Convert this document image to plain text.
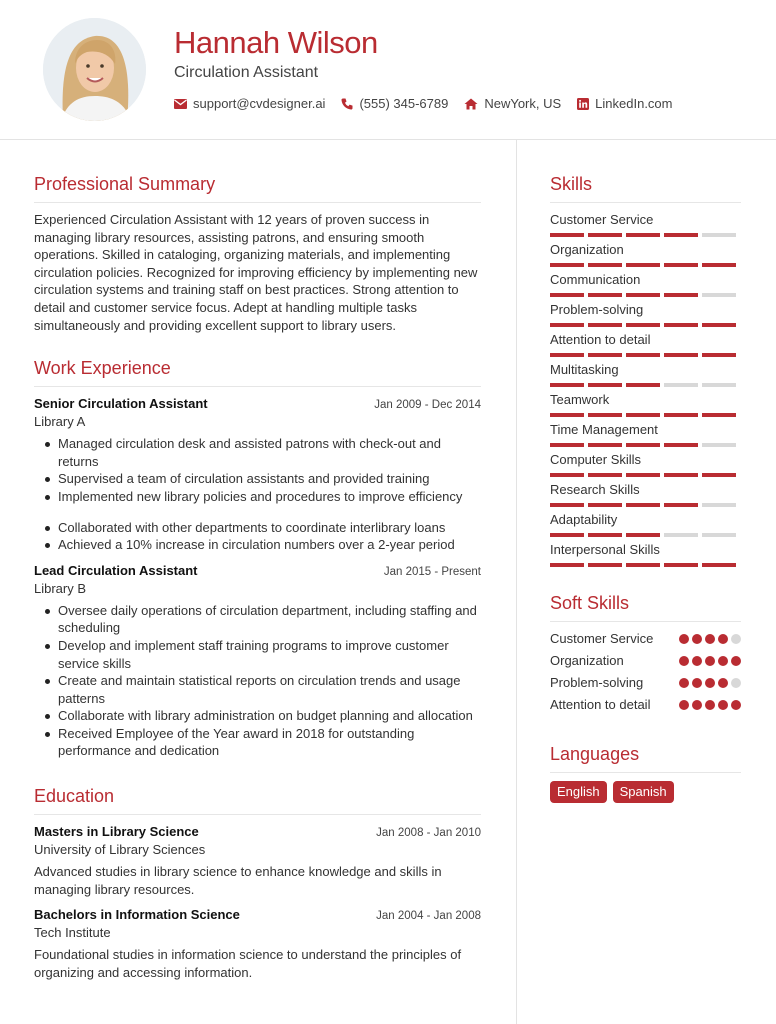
Hannah Wilson
Circulation Assistant
support@cvdesigner.ai	(555) 345-6789	NewYork, US	LinkedIn.com
Professional Summary

Experienced Circulation Assistant with 12 years of proven success in managing library resources, assisting patrons, and ensuring smooth operations. Skilled in cataloging, organizing materials, and implementing circulation policies. Recognized for improving efficiency by implementing new circulation systems and training staff on best practices. Strong attention to detail and customer service focus. Adept at handling multiple tasks simultaneously and providing excellent support to library users.

Work Experience
Senior Circulation Assistant	Jan 2009 - Dec 2014
Library A
Managed circulation desk and assisted patrons with check-out and returns
Supervised a team of circulation assistants and provided training
Implemented new library policies and procedures to improve efficiency
Collaborated with other departments to coordinate interlibrary loans
Achieved a 10% increase in circulation numbers over a 2-year period
Lead Circulation Assistant	Jan 2015 - Present
Library B
Oversee daily operations of circulation department, including staffing and scheduling
Develop and implement staff training programs to improve customer service skills
Create and maintain statistical reports on circulation trends and usage patterns
Collaborate with library administration on budget planning and allocation
Received Employee of the Year award in 2018 for outstanding performance and dedication
Education
Masters in Library Science	Jan 2008 - Jan 2010
University of Library Sciences

Advanced studies in library science to enhance knowledge and skills in managing library resources.

Bachelors in Information Science	Jan 2004 - Jan 2008
Tech Institute

Foundational studies in information science to understand the principles of organizing and accessing information.

Skills
Customer Service
Organization
Communication
Problem-solving
Attention to detail
Multitasking
Teamwork
Time Management
Computer Skills
Research Skills
Adaptability
Interpersonal Skills
Soft Skills
Customer Service
Organization
Problem-solving
Attention to detail
Languages
English	Spanish
